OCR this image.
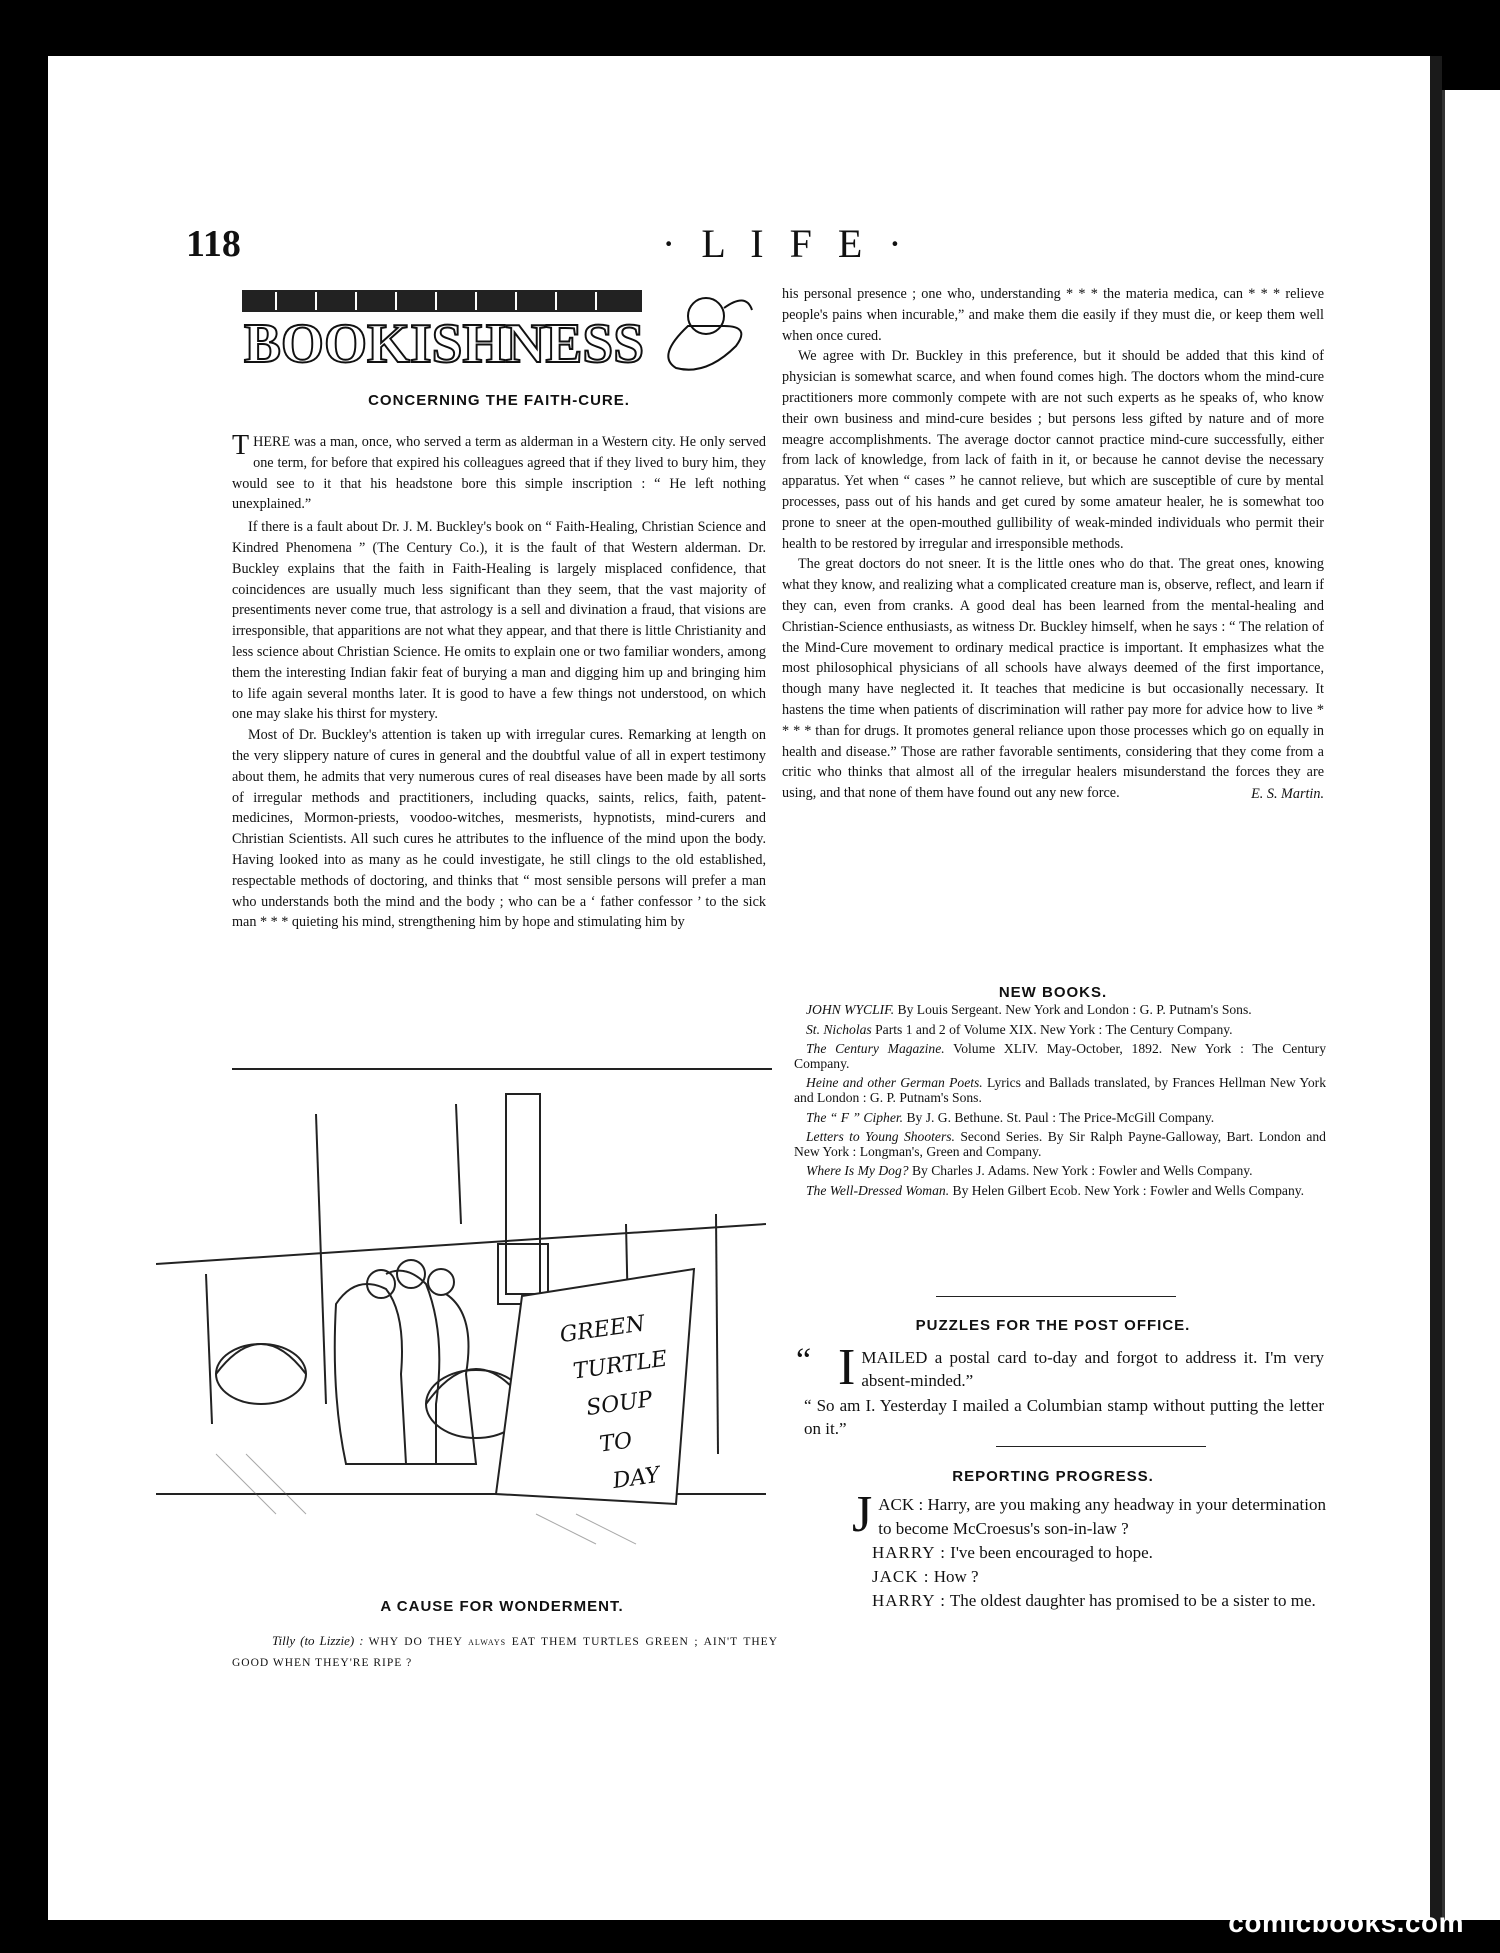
118	· L I F E ·
BOOKISHNESS
CONCERNING THE FAITH-CURE.

THERE was a man, once, who served a term as alderman in a Western city. He only served one term, for before that expired his colleagues agreed that if they lived to bury him, they would see to it that his headstone bore this simple inscription : “ He left nothing unexplained.”

If there is a fault about Dr. J. M. Buckley's book on “ Faith-Healing, Christian Science and Kindred Phenomena ” (The Century Co.), it is the fault of that Western alderman. Dr. Buckley explains that the faith in Faith-Healing is largely misplaced confidence, that coincidences are usually much less significant than they seem, that the vast majority of presentiments never come true, that astrology is a sell and divination a fraud, that visions are irresponsible, that apparitions are not what they appear, and that there is little Christianity and less science about Christian Science. He omits to explain one or two familiar wonders, among them the interesting Indian fakir feat of burying a man and digging him up and bringing him to life again several months later. It is good to have a few things not understood, on which one may slake his thirst for mystery.

Most of Dr. Buckley's attention is taken up with irregular cures. Remarking at length on the very slippery nature of cures in general and the doubtful value of all in expert testimony about them, he admits that very numerous cures of real diseases have been made by all sorts of irregular methods and practitioners, including quacks, saints, relics, faith, patent-medicines, Mormon-priests, voodoo-witches, mesmerists, hypnotists, mind-curers and Christian Scientists. All such cures he attributes to the influence of the mind upon the body. Having looked into as many as he could investigate, he still clings to the old established, respectable methods of doctoring, and thinks that “ most sensible persons will prefer a man who understands both the mind and the body ; who can be a ‘ father confessor ’ to the sick man * * * quieting his mind, strengthening him by hope and stimulating him by

his personal presence ; one who, understanding * * * the materia medica, can * * * relieve people's pains when incurable,” and make them die easily if they must die, or keep them well when once cured.

We agree with Dr. Buckley in this preference, but it should be added that this kind of physician is somewhat scarce, and when found comes high. The doctors whom the mind-cure practitioners more commonly compete with are not such experts as he speaks of, who know their own business and mind-cure besides ; but persons less gifted by nature and of more meagre accomplishments. The average doctor cannot practice mind-cure successfully, either from lack of knowledge, from lack of faith in it, or because he cannot devise the necessary apparatus. Yet when “ cases ” he cannot relieve, but which are susceptible of cure by mental processes, pass out of his hands and get cured by some amateur healer, he is somewhat too prone to sneer at the open-mouthed gullibility of weak-minded individuals who permit their health to be restored by irregular and irresponsible methods.

The great doctors do not sneer. It is the little ones who do that. The great ones, knowing what they know, and realizing what a complicated creature man is, observe, reflect, and learn if they can, even from cranks. A good deal has been learned from the mental-healing and Christian-Science enthusiasts, as witness Dr. Buckley himself, when he says : “ The relation of the Mind-Cure movement to ordinary medical practice is important. It emphasizes what the most philosophical physicians of all schools have always deemed of the first importance, though many have neglected it. It teaches that medicine is but occasionally necessary. It hastens the time when patients of discrimination will rather pay more for advice how to live * * * * than for drugs. It promotes general reliance upon those processes which go on equally in health and disease.” Those are rather favorable sentiments, considering that they come from a critic who thinks that almost all of the irregular healers misunderstand the forces they are using, and that none of them have found out any new force.	E. S. Martin.

NEW BOOKS.

JOHN WYCLIF. By Louis Sergeant. New York and London : G. P. Putnam's Sons.

St. Nicholas Parts 1 and 2 of Volume XIX. New York : The Century Company.

The Century Magazine. Volume XLIV. May-October, 1892. New York : The Century Company.

Heine and other German Poets. Lyrics and Ballads translated, by Frances Hellman New York and London : G. P. Putnam's Sons.

The “ F ” Cipher. By J. G. Bethune. St. Paul : The Price-McGill Company.

Letters to Young Shooters. Second Series. By Sir Ralph Payne-Galloway, Bart. London and New York : Longman's, Green and Company.

Where Is My Dog? By Charles J. Adams. New York : Fowler and Wells Company.

The Well-Dressed Woman. By Helen Gilbert Ecob. New York : Fowler and Wells Company.

PUZZLES FOR THE POST OFFICE.

“ I MAILED a postal card to-day and forgot to address it. I'm very absent-minded.”

“ So am I. Yesterday I mailed a Columbian stamp without putting the letter on it.”

REPORTING PROGRESS.

JACK : Harry, are you making any headway in your determination to become McCroesus's son-in-law ?

HARRY : I've been encouraged to hope.

JACK : How ?

HARRY : The oldest daughter has promised to be a sister to me.

GREEN
TURTLE
SOUP
TO
DAY
A CAUSE FOR WONDERMENT.
Tilly (to Lizzie) : WHY DO THEY always EAT THEM TURTLES GREEN ; AIN'T THEY GOOD WHEN THEY'RE RIPE ?
comicbooks.com
